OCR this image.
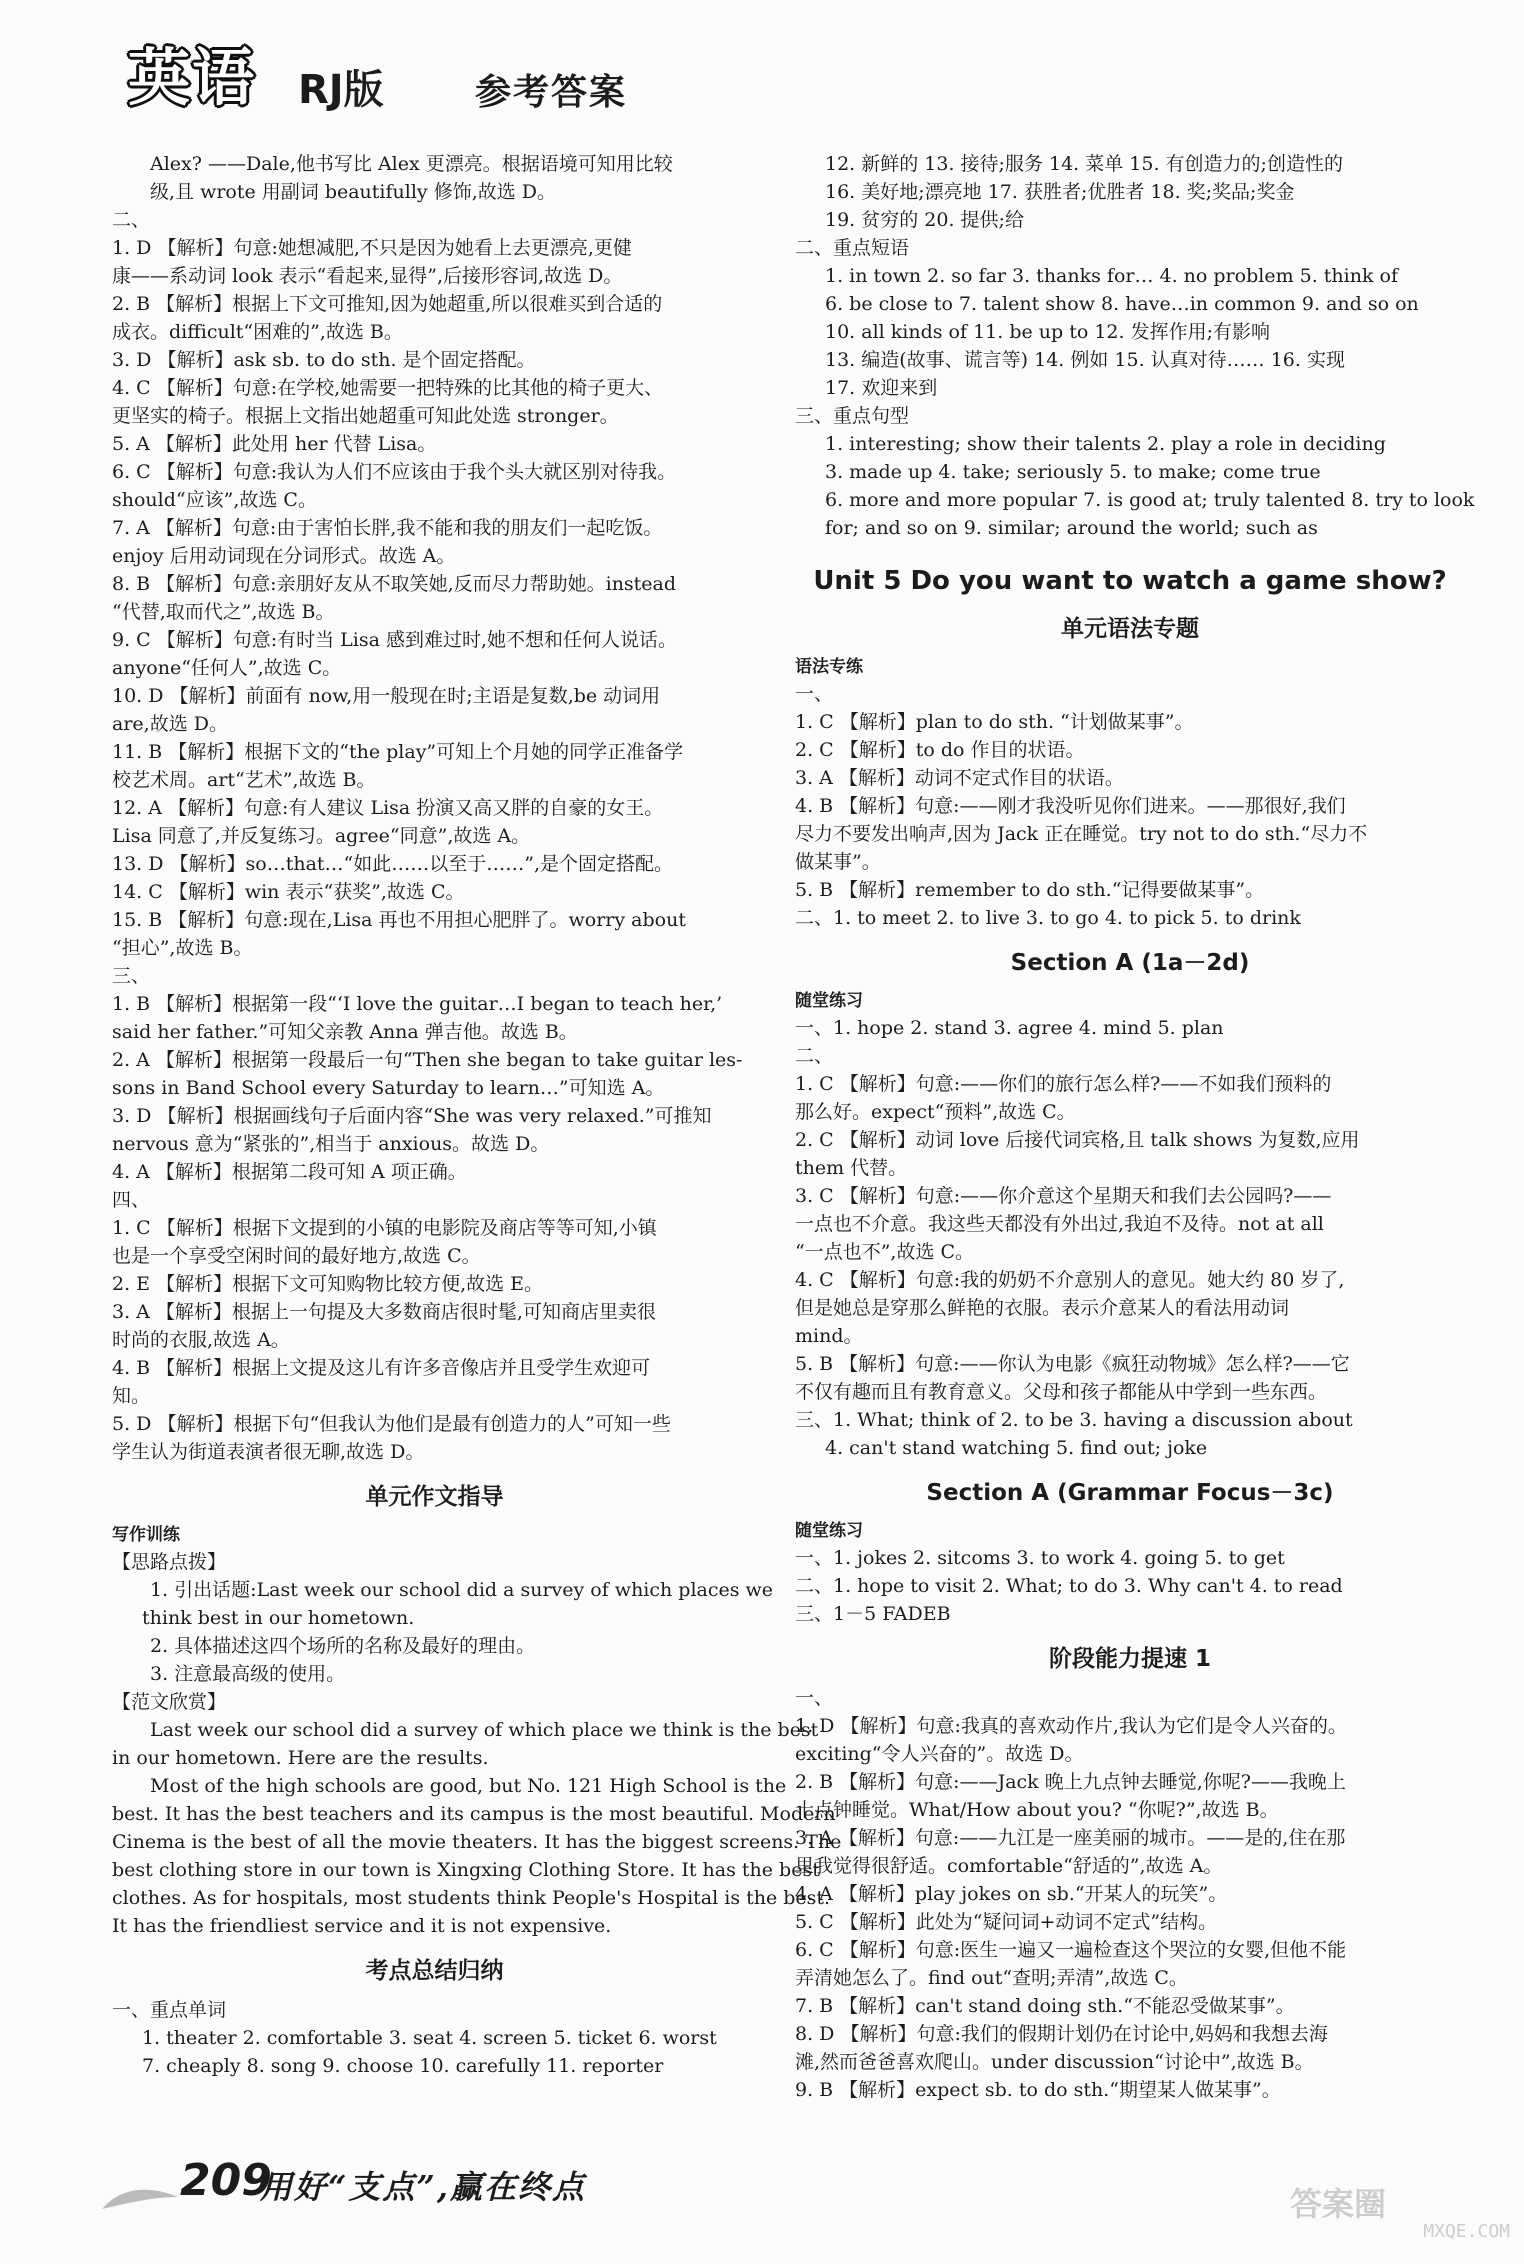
英语 RJ版	参考答案
Alex? ——Dale,他书写比 Alex 更漂亮。根据语境可知用比较
级,且 wrote 用副词 beautifully 修饰,故选 D。
二、
1. D 【解析】句意:她想减肥,不只是因为她看上去更漂亮,更健
康——系动词 look 表示“看起来,显得”,后接形容词,故选 D。
2. B 【解析】根据上下文可推知,因为她超重,所以很难买到合适的
成衣。difficult“困难的”,故选 B。
3. D 【解析】ask sb. to do sth. 是个固定搭配。
4. C 【解析】句意:在学校,她需要一把特殊的比其他的椅子更大、
更坚实的椅子。根据上文指出她超重可知此处选 stronger。
5. A 【解析】此处用 her 代替 Lisa。
6. C 【解析】句意:我认为人们不应该由于我个头大就区别对待我。
should“应该”,故选 C。
7. A 【解析】句意:由于害怕长胖,我不能和我的朋友们一起吃饭。
enjoy 后用动词现在分词形式。故选 A。
8. B 【解析】句意:亲朋好友从不取笑她,反而尽力帮助她。instead
“代替,取而代之”,故选 B。
9. C 【解析】句意:有时当 Lisa 感到难过时,她不想和任何人说话。
anyone“任何人”,故选 C。
10. D 【解析】前面有 now,用一般现在时;主语是复数,be 动词用
are,故选 D。
11. B 【解析】根据下文的“the play”可知上个月她的同学正准备学
校艺术周。art“艺术”,故选 B。
12. A 【解析】句意:有人建议 Lisa 扮演又高又胖的自豪的女王。
Lisa 同意了,并反复练习。agree“同意”,故选 A。
13. D 【解析】so…that…“如此……以至于……”,是个固定搭配。
14. C 【解析】win 表示“获奖”,故选 C。
15. B 【解析】句意:现在,Lisa 再也不用担心肥胖了。worry about
“担心”,故选 B。
三、
1. B 【解析】根据第一段“‘I love the guitar…I began to teach her,’
said her father.”可知父亲教 Anna 弹吉他。故选 B。
2. A 【解析】根据第一段最后一句“Then she began to take guitar les-
sons in Band School every Saturday to learn…”可知选 A。
3. D 【解析】根据画线句子后面内容“She was very relaxed.”可推知
nervous 意为“紧张的”,相当于 anxious。故选 D。
4. A 【解析】根据第二段可知 A 项正确。
四、
1. C 【解析】根据下文提到的小镇的电影院及商店等等可知,小镇
也是一个享受空闲时间的最好地方,故选 C。
2. E 【解析】根据下文可知购物比较方便,故选 E。
3. A 【解析】根据上一句提及大多数商店很时髦,可知商店里卖很
时尚的衣服,故选 A。
4. B 【解析】根据上文提及这儿有许多音像店并且受学生欢迎可
知。
5. D 【解析】根据下句“但我认为他们是最有创造力的人”可知一些
学生认为街道表演者很无聊,故选 D。
单元作文指导
写作训练
【思路点拨】
1. 引出话题:Last week our school did a survey of which places we
think best in our hometown.
2. 具体描述这四个场所的名称及最好的理由。
3. 注意最高级的使用。
【范文欣赏】
Last week our school did a survey of which place we think is the best
in our hometown. Here are the results.
Most of the high schools are good, but No. 121 High School is the
best. It has the best teachers and its campus is the most beautiful. Modern
Cinema is the best of all the movie theaters. It has the biggest screens. The
best clothing store in our town is Xingxing Clothing Store. It has the best
clothes. As for hospitals, most students think People's Hospital is the best.
It has the friendliest service and it is not expensive.
考点总结归纳
一、重点单词
1. theater 2. comfortable 3. seat 4. screen 5. ticket 6. worst
7. cheaply 8. song 9. choose 10. carefully 11. reporter
12. 新鲜的 13. 接待;服务 14. 菜单 15. 有创造力的;创造性的
16. 美好地;漂亮地 17. 获胜者;优胜者 18. 奖;奖品;奖金
19. 贫穷的 20. 提供;给
二、重点短语
1. in town 2. so far 3. thanks for… 4. no problem 5. think of
6. be close to 7. talent show 8. have…in common 9. and so on
10. all kinds of 11. be up to 12. 发挥作用;有影响
13. 编造(故事、谎言等) 14. 例如 15. 认真对待…… 16. 实现
17. 欢迎来到
三、重点句型
1. interesting; show their talents 2. play a role in deciding
3. made up 4. take; seriously 5. to make; come true
6. more and more popular 7. is good at; truly talented 8. try to look
for; and so on 9. similar; around the world; such as
Unit 5 Do you want to watch a game show?
单元语法专题
语法专练
一、
1. C 【解析】plan to do sth. “计划做某事”。
2. C 【解析】to do 作目的状语。
3. A 【解析】动词不定式作目的状语。
4. B 【解析】句意:——刚才我没听见你们进来。——那很好,我们
尽力不要发出响声,因为 Jack 正在睡觉。try not to do sth.“尽力不
做某事”。
5. B 【解析】remember to do sth.“记得要做某事”。
二、1. to meet 2. to live 3. to go 4. to pick 5. to drink
Section A (1a－2d)
随堂练习
一、1. hope 2. stand 3. agree 4. mind 5. plan
二、
1. C 【解析】句意:——你们的旅行怎么样?——不如我们预料的
那么好。expect“预料”,故选 C。
2. C 【解析】动词 love 后接代词宾格,且 talk shows 为复数,应用
them 代替。
3. C 【解析】句意:——你介意这个星期天和我们去公园吗?——
一点也不介意。我这些天都没有外出过,我迫不及待。not at all
“一点也不”,故选 C。
4. C 【解析】句意:我的奶奶不介意别人的意见。她大约 80 岁了,
但是她总是穿那么鲜艳的衣服。表示介意某人的看法用动词
mind。
5. B 【解析】句意:——你认为电影《疯狂动物城》怎么样?——它
不仅有趣而且有教育意义。父母和孩子都能从中学到一些东西。
三、1. What; think of 2. to be 3. having a discussion about
4. can't stand watching 5. find out; joke
Section A (Grammar Focus－3c)
随堂练习
一、1. jokes 2. sitcoms 3. to work 4. going 5. to get
二、1. hope to visit 2. What; to do 3. Why can't 4. to read
三、1－5 FADEB
阶段能力提速 1
一、
1. D 【解析】句意:我真的喜欢动作片,我认为它们是令人兴奋的。
exciting“令人兴奋的”。故选 D。
2. B 【解析】句意:——Jack 晚上九点钟去睡觉,你呢?——我晚上
十点钟睡觉。What/How about you? “你呢?”,故选 B。
3. A 【解析】句意:——九江是一座美丽的城市。——是的,住在那
里我觉得很舒适。comfortable“舒适的”,故选 A。
4. A 【解析】play jokes on sb.“开某人的玩笑”。
5. C 【解析】此处为“疑问词+动词不定式”结构。
6. C 【解析】句意:医生一遍又一遍检查这个哭泣的女婴,但他不能
弄清她怎么了。find out“查明;弄清”,故选 C。
7. B 【解析】can't stand doing sth.“不能忍受做某事”。
8. D 【解析】句意:我们的假期计划仍在讨论中,妈妈和我想去海
滩,然而爸爸喜欢爬山。under discussion“讨论中”,故选 B。
9. B 【解析】expect sb. to do sth.“期望某人做某事”。
209
用好“支点”,赢在终点	答案圈
MXQE.COM
